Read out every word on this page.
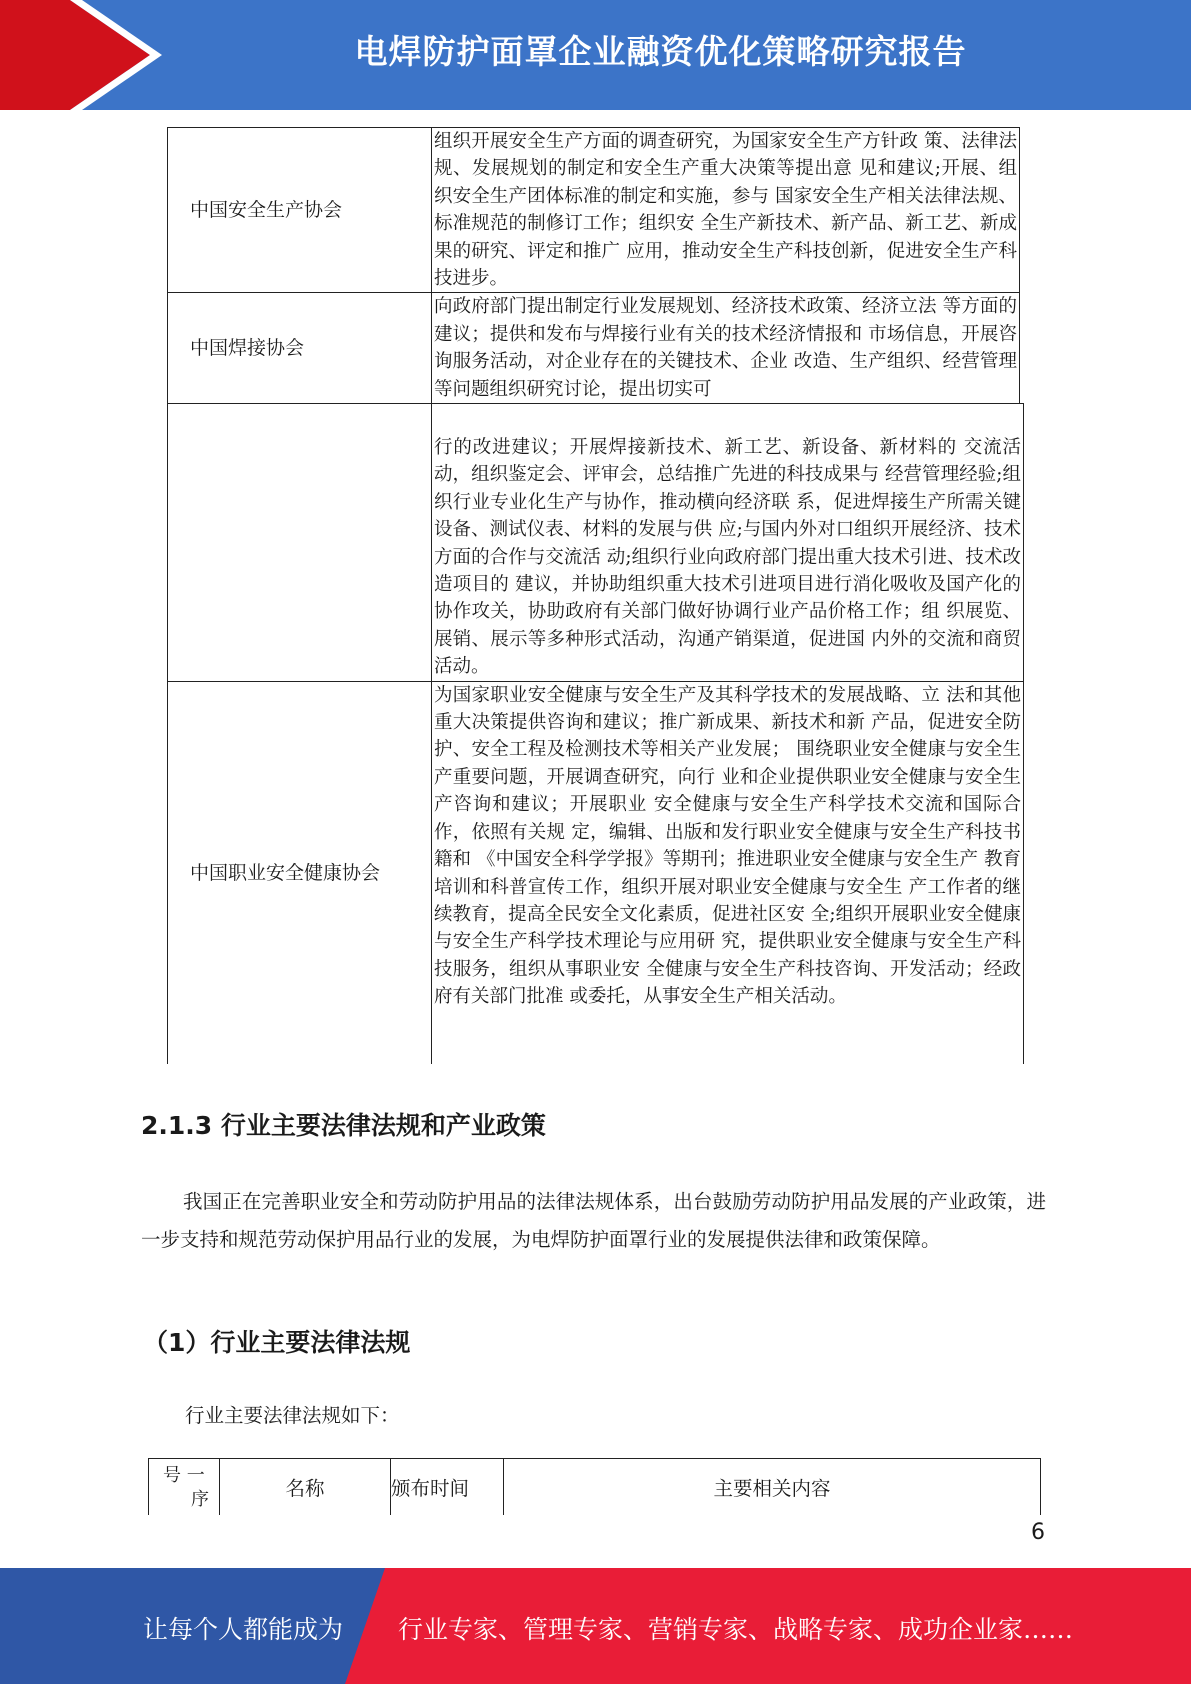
电焊防护面罩企业融资优化策略研究报告
中国安全生产协会	组织开展安全生产方面的调查研究，为国家安全生产方针政 策、法律法规、发展规划的制定和安全生产重大决策等提出意 见和建议;开展、组织安全生产团体标准的制定和实施，参与 国家安全生产相关法律法规、标准规范的制修订工作；组织安 全生产新技术、新产品、新工艺、新成果的研究、评定和推广 应用，推动安全生产科技创新，促进安全生产科技进步。
中国焊接协会	向政府部门提出制定行业发展规划、经济技术政策、经济立法 等方面的建议；提供和发布与焊接行业有关的技术经济情报和 市场信息，开展咨询服务活动，对企业存在的关键技术、企业 改造、生产组织、经营管理等问题组织研究讨论，提出切实可
	行的改进建议；开展焊接新技术、新工艺、新设备、新材料的 交流活动，组织鉴定会、评审会，总结推广先进的科技成果与 经营管理经验;组织行业专业化生产与协作，推动横向经济联 系，促进焊接生产所需关键设备、测试仪表、材料的发展与供 应;与国内外对口组织开展经济、技术方面的合作与交流活 动;组织行业向政府部门提出重大技术引进、技术改造项目的 建议，并协助组织重大技术引进项目进行消化吸收及国产化的 协作攻关，协助政府有关部门做好协调行业产品价格工作；组 织展览、展销、展示等多种形式活动，沟通产销渠道，促进国 内外的交流和商贸活动。
中国职业安全健康协会	为国家职业安全健康与安全生产及其科学技术的发展战略、立 法和其他重大决策提供咨询和建议；推广新成果、新技术和新 产品，促进安全防护、安全工程及检测技术等相关产业发展； 围绕职业安全健康与安全生产重要问题，开展调查研究，向行 业和企业提供职业安全健康与安全生产咨询和建议；开展职业 安全健康与安全生产科学技术交流和国际合作，依照有关规 定，编辑、出版和发行职业安全健康与安全生产科技书籍和 《中国安全科学学报》等期刊；推进职业安全健康与安全生产 教育培训和科普宣传工作，组织开展对职业安全健康与安全生 产工作者的继续教育，提高全民安全文化素质，促进社区安 全;组织开展职业安全健康与安全生产科学技术理论与应用研 究，提供职业安全健康与安全生产科技服务，组织从事职业安 全健康与安全生产科技咨询、开发活动；经政府有关部门批准 或委托，从事安全生产相关活动。
2.1.3 行业主要法律法规和产业政策
我国正在完善职业安全和劳动防护用品的法律法规体系，出台鼓励劳动防护用品发展的产业政策，进一步支持和规范劳动保护用品行业的发展，为电焊防护面罩行业的发展提供法律和政策保障。
（1）行业主要法律法规
行业主要法律法规如下：
号 一
序	名称	颁布时间	主要相关内容
6
让每个人都能成为 行业专家、管理专家、营销专家、战略专家、成功企业家……
